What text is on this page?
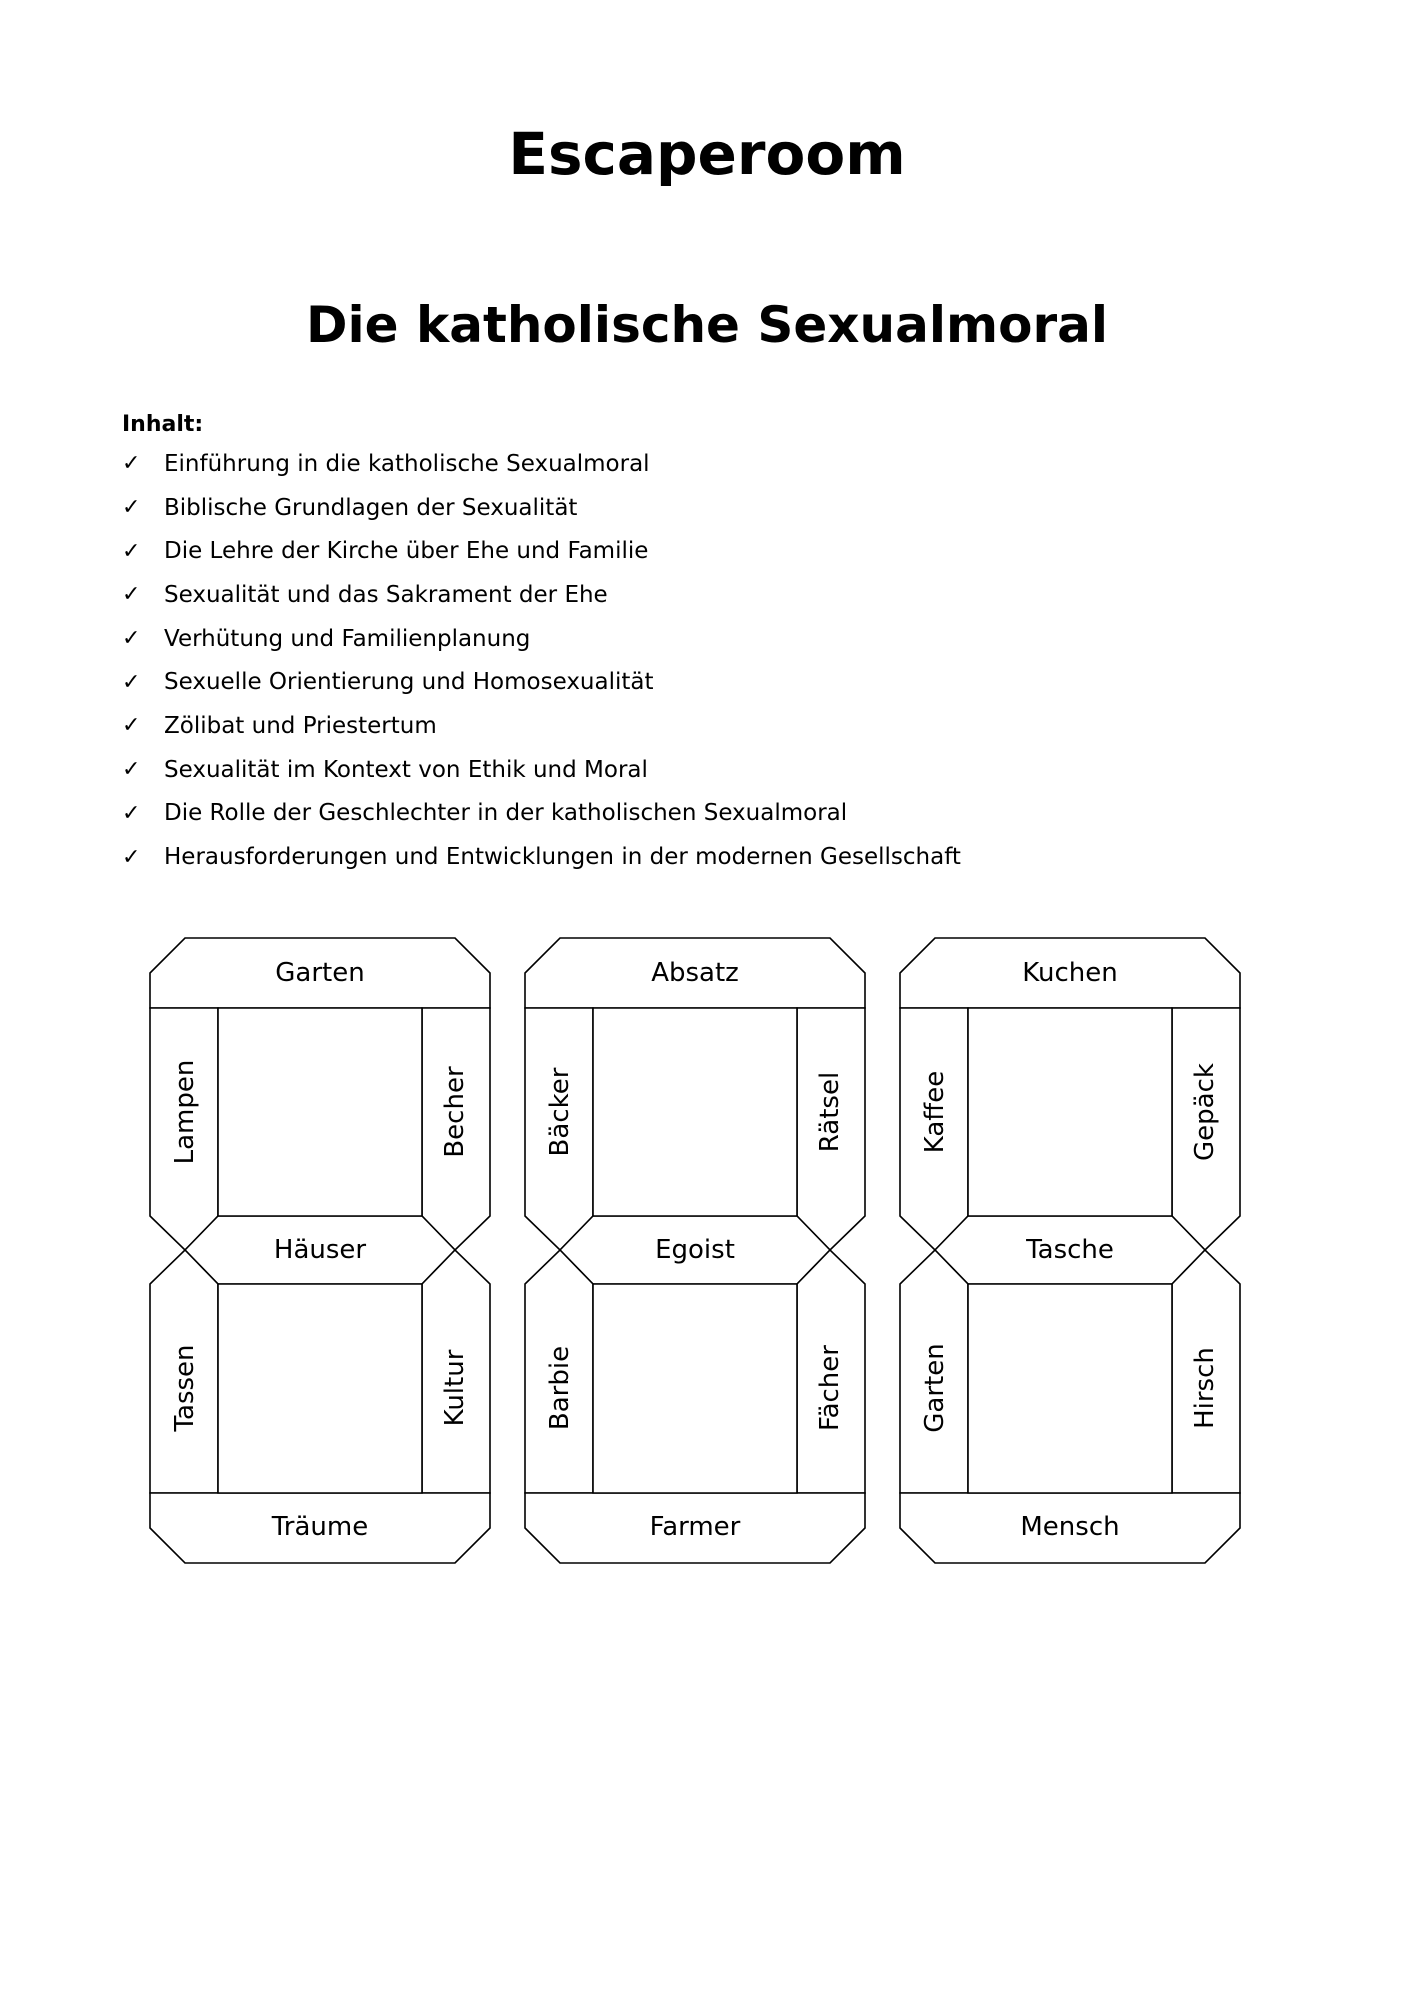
Escaperoom
Die katholische Sexualmoral
Inhalt:
✓	Einführung in die katholische Sexualmoral
✓	Biblische Grundlagen der Sexualität
✓	Die Lehre der Kirche über Ehe und Familie
✓	Sexualität und das Sakrament der Ehe
✓	Verhütung und Familienplanung
✓	Sexuelle Orientierung und Homosexualität
✓	Zölibat und Priestertum
✓	Sexualität im Kontext von Ethik und Moral
✓	Die Rolle der Geschlechter in der katholischen Sexualmoral
✓	Herausforderungen und Entwicklungen in der modernen Gesellschaft
Garten
Lampen	Becher
Häuser
Tassen	Kultur
Träume
Absatz
Bäcker	Rätsel
Egoist
Barbie	Fächer
Farmer
Kuchen
Kaffee	Gepäck
Tasche
Garten	Hirsch
Mensch
